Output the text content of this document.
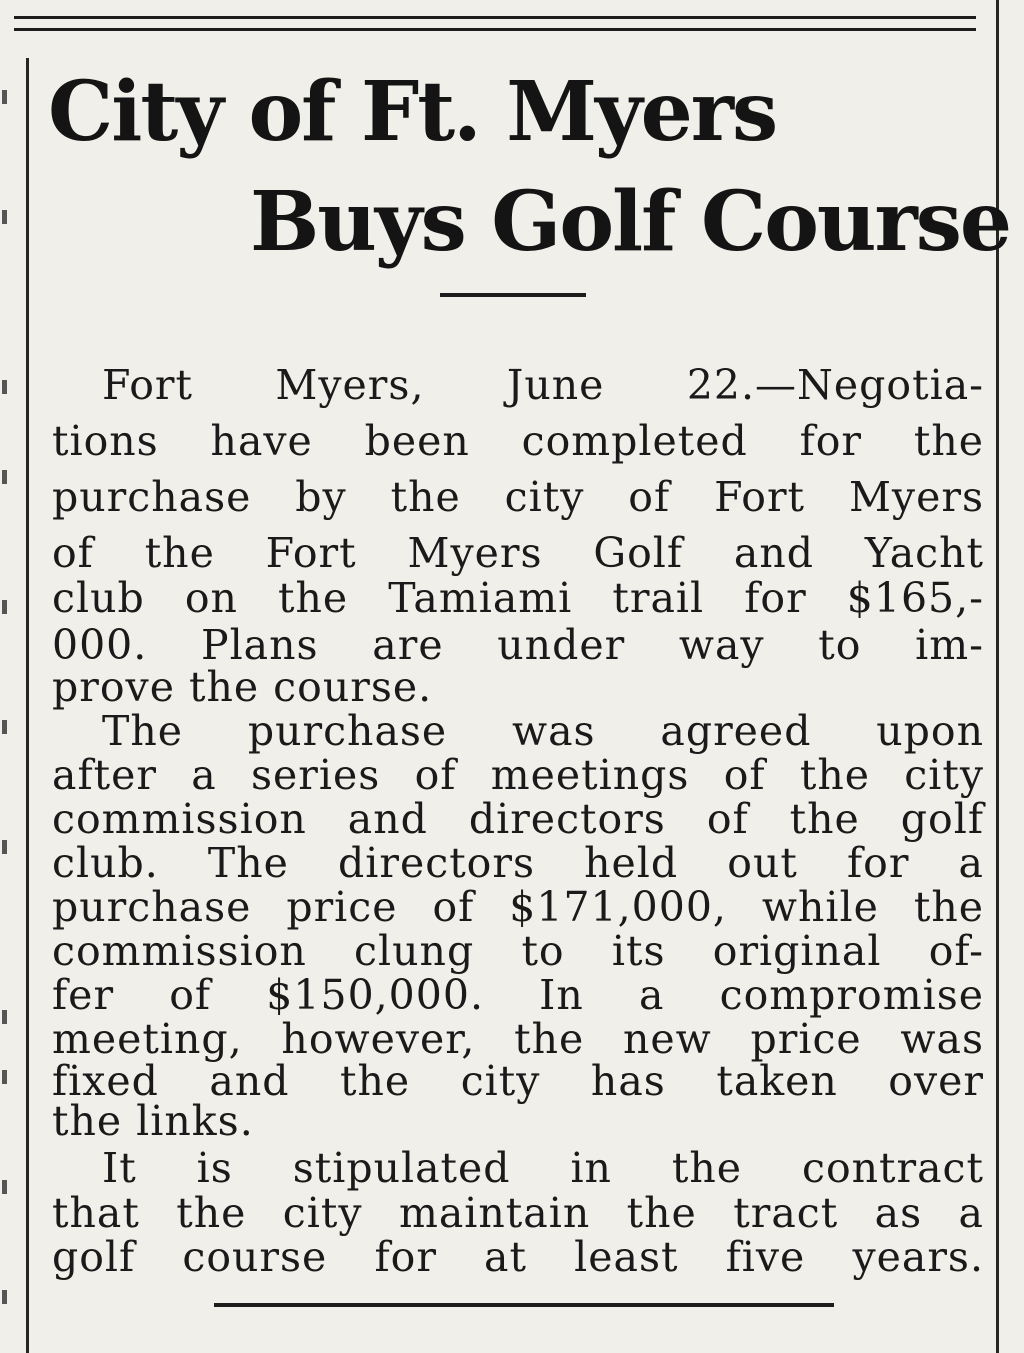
City of Ft. Myers
Buys Golf Course
Fort Myers, June 22.—Negotia-
tions have been completed for the
purchase by the city of Fort Myers
of the Fort Myers Golf and Yacht
club on the Tamiami trail for $165,-
000. Plans are under way to im-
prove the course.
The purchase was agreed upon
after a series of meetings of the city
commission and directors of the golf
club. The directors held out for a
purchase price of $171,000, while the
commission clung to its original of-
fer of $150,000. In a compromise
meeting, however, the new price was
fixed and the city has taken over
the links.
It is stipulated in the contract
that the city maintain the tract as a
golf course for at least five years.
